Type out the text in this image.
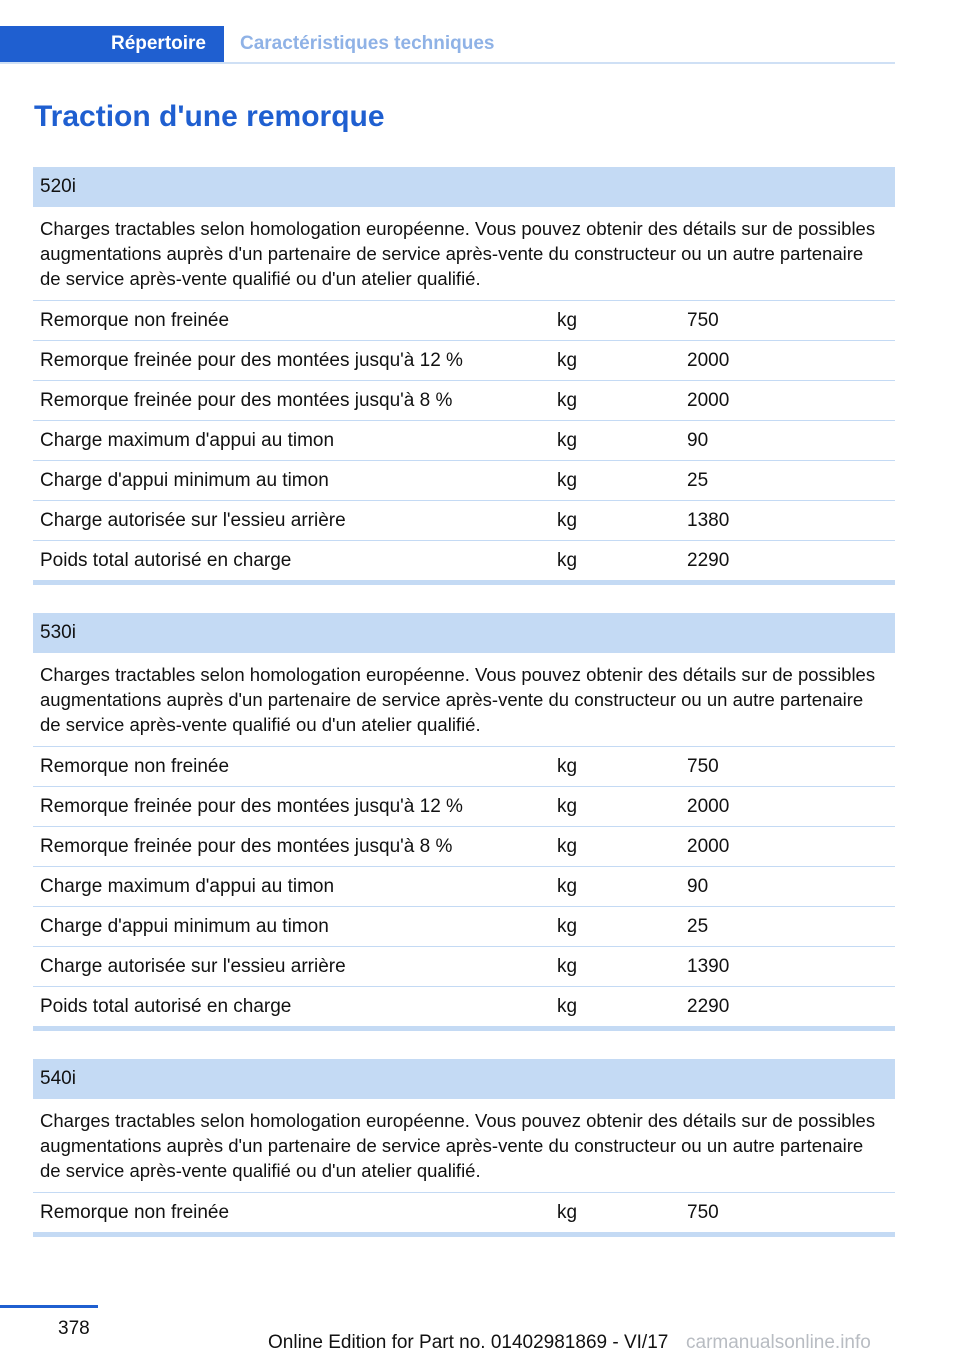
Répertoire	Caractéristiques techniques
Traction d'une remorque
520i
Charges tractables selon homologation européenne. Vous pouvez obtenir des détails sur de possibles augmentations auprès d'un partenaire de service après-vente du constructeur ou un autre partenaire de service après-vente qualifié ou d'un atelier qualifié.
Remorque non freinée	kg	750
Remorque freinée pour des montées jusqu'à 12 %	kg	2000
Remorque freinée pour des montées jusqu'à 8 %	kg	2000
Charge maximum d'appui au timon	kg	90
Charge d'appui minimum au timon	kg	25
Charge autorisée sur l'essieu arrière	kg	1380
Poids total autorisé en charge	kg	2290
530i
Charges tractables selon homologation européenne. Vous pouvez obtenir des détails sur de possibles augmentations auprès d'un partenaire de service après-vente du constructeur ou un autre partenaire de service après-vente qualifié ou d'un atelier qualifié.
Remorque non freinée	kg	750
Remorque freinée pour des montées jusqu'à 12 %	kg	2000
Remorque freinée pour des montées jusqu'à 8 %	kg	2000
Charge maximum d'appui au timon	kg	90
Charge d'appui minimum au timon	kg	25
Charge autorisée sur l'essieu arrière	kg	1390
Poids total autorisé en charge	kg	2290
540i
Charges tractables selon homologation européenne. Vous pouvez obtenir des détails sur de possibles augmentations auprès d'un partenaire de service après-vente du constructeur ou un autre partenaire de service après-vente qualifié ou d'un atelier qualifié.
Remorque non freinée	kg	750
378
Online Edition for Part no. 01402981869 - VI/17 carmanualsonline.info
